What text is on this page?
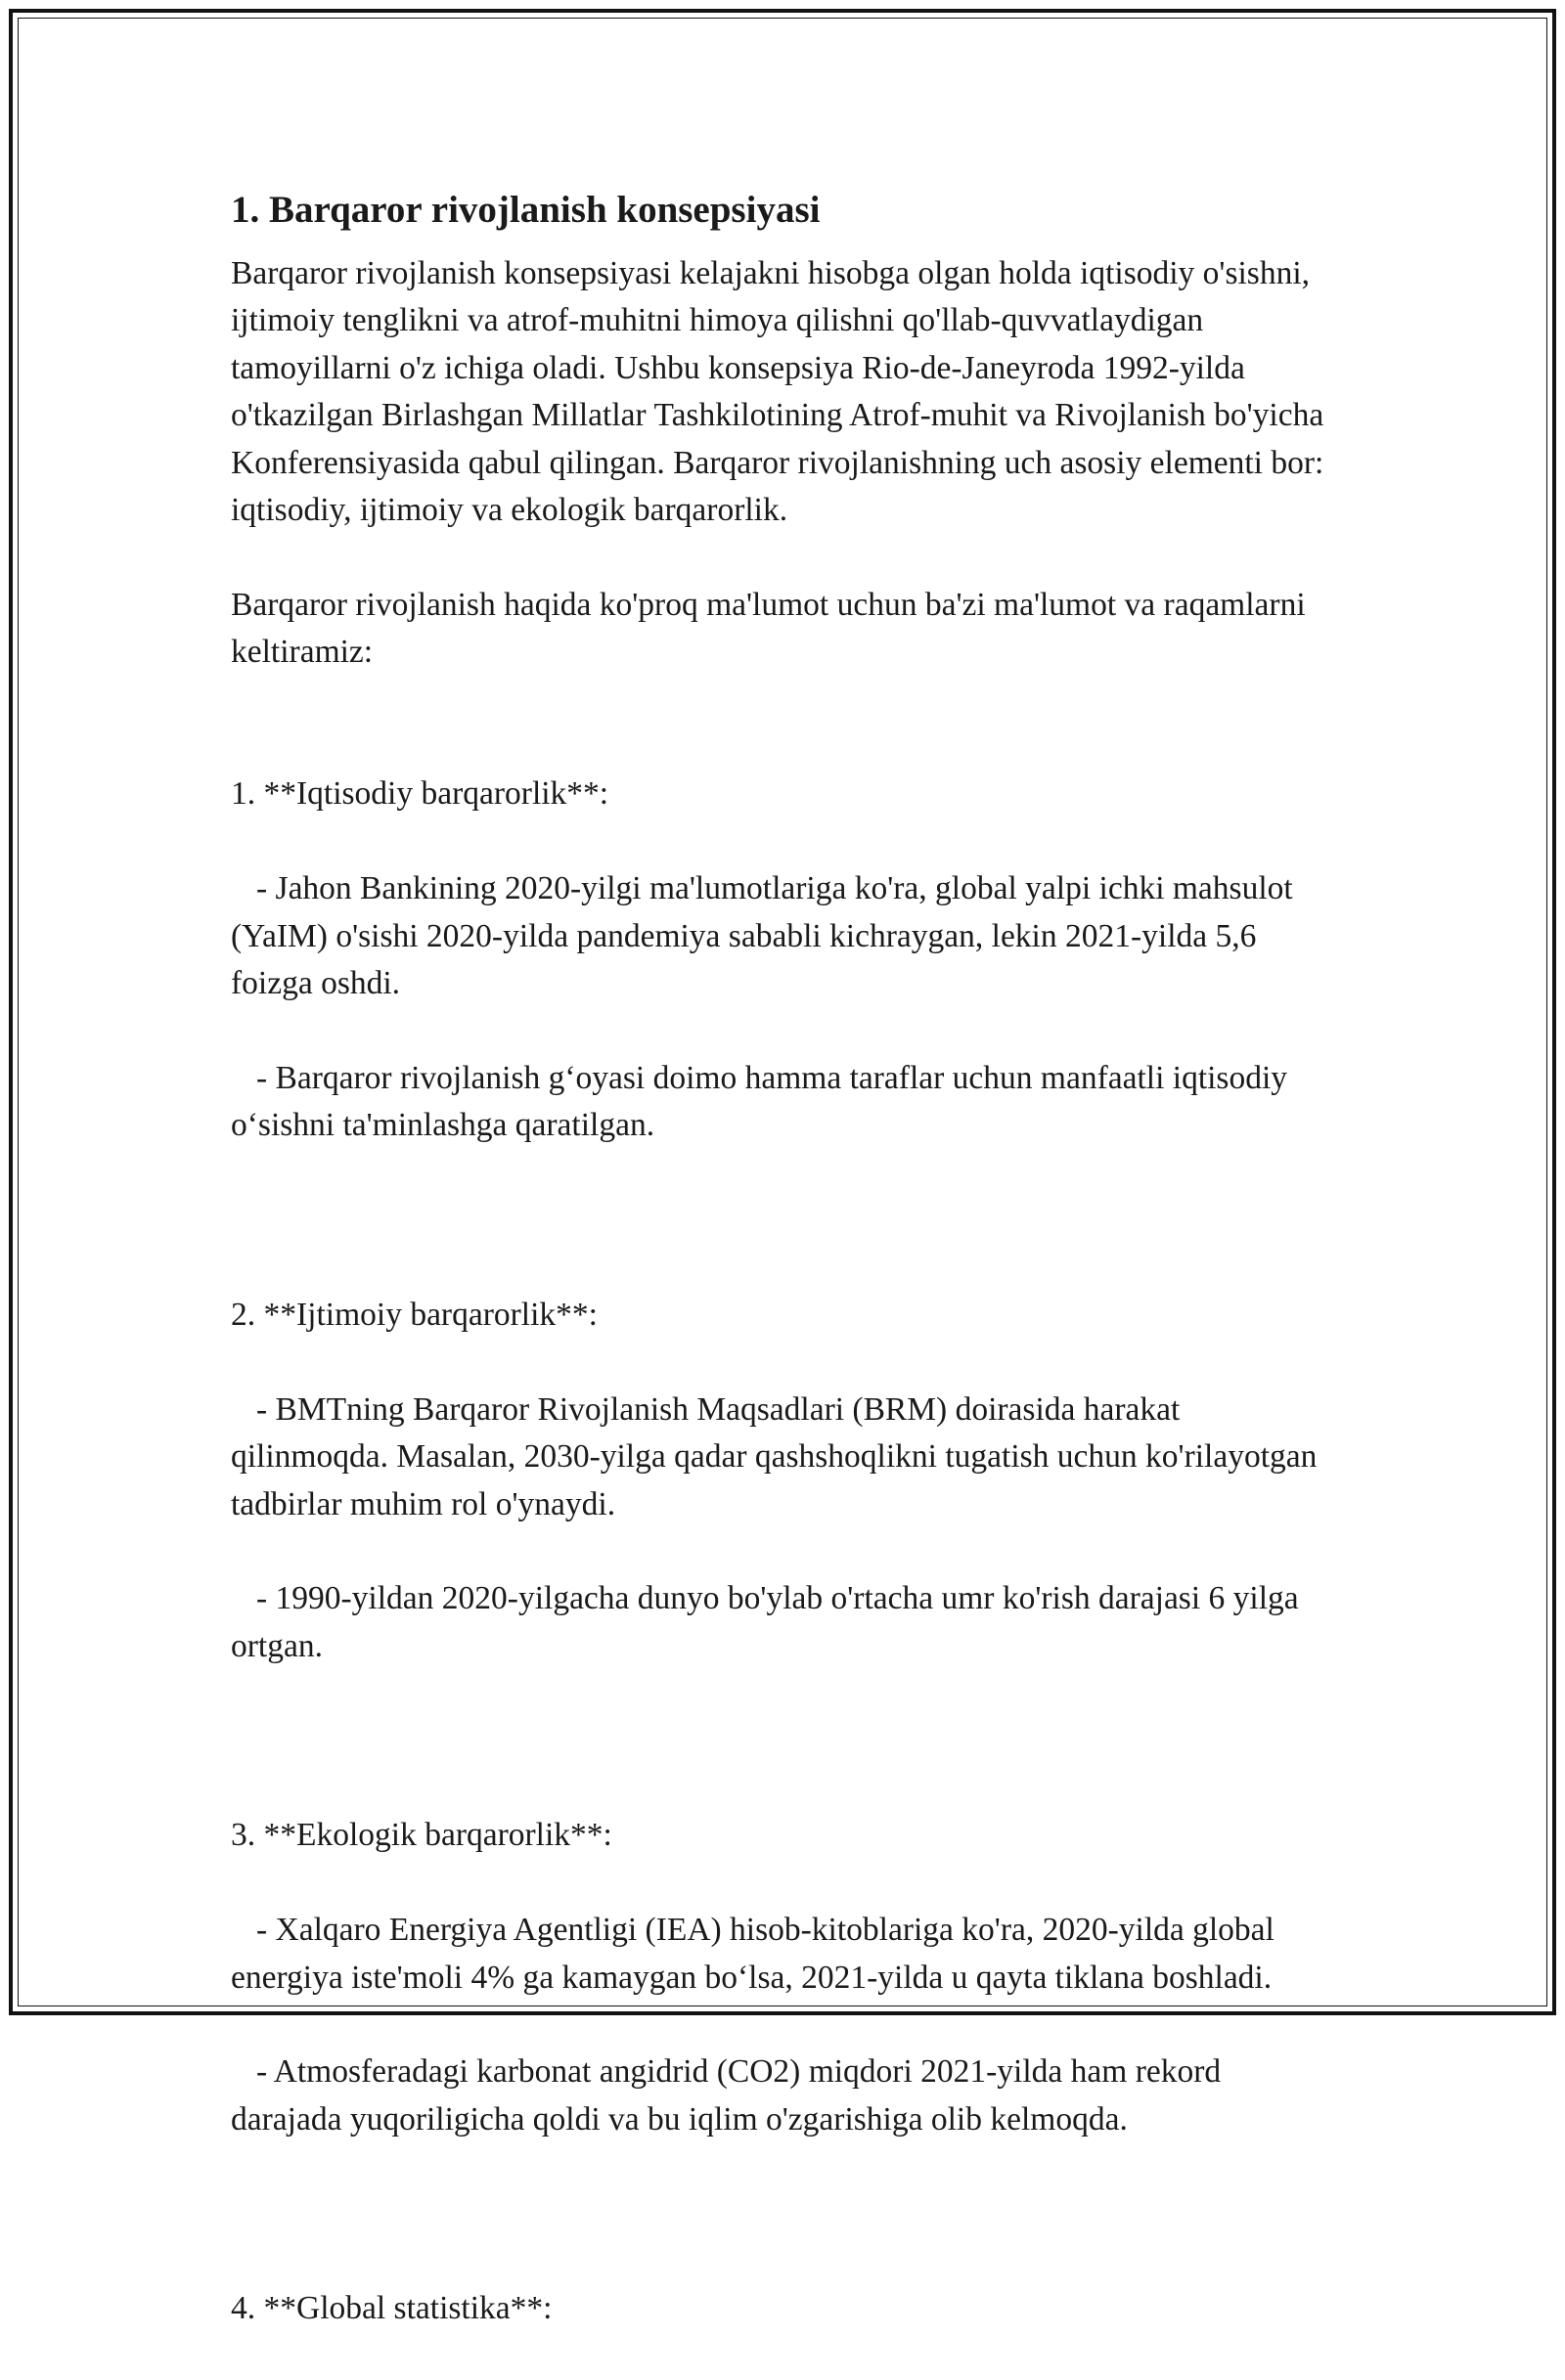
1. Barqaror rivojlanish konsepsiyasi

Barqaror rivojlanish konsepsiyasi kelajakni hisobga olgan holda iqtisodiy o'sishni, ijtimoiy tenglikni va atrof-muhitni himoya qilishni qo'llab-quvvatlaydigan tamoyillarni o'z ichiga oladi. Ushbu konsepsiya Rio-de-Janeyroda 1992-yilda o'tkazilgan Birlashgan Millatlar Tashkilotining Atrof-muhit va Rivojlanish bo'yicha Konferensiyasida qabul qilingan. Barqaror rivojlanishning uch asosiy elementi bor: iqtisodiy, ijtimoiy va ekologik barqarorlik.

Barqaror rivojlanish haqida ko'proq ma'lumot uchun ba'zi ma'lumot va raqamlarni keltiramiz:

1. **Iqtisodiy barqarorlik**:

- Jahon Bankining 2020-yilgi ma'lumotlariga ko'ra, global yalpi ichki mahsulot (YaIM) o'sishi 2020-yilda pandemiya sababli kichraygan, lekin 2021-yilda 5,6 foizga oshdi.

- Barqaror rivojlanish g‘oyasi doimo hamma taraflar uchun manfaatli iqtisodiy o‘sishni ta'minlashga qaratilgan.

2. **Ijtimoiy barqarorlik**:

- BMTning Barqaror Rivojlanish Maqsadlari (BRM) doirasida harakat qilinmoqda. Masalan, 2030-yilga qadar qashshoqlikni tugatish uchun ko'rilayotgan tadbirlar muhim rol o'ynaydi.

- 1990-yildan 2020-yilgacha dunyo bo'ylab o'rtacha umr ko'rish darajasi 6 yilga ortgan.

3. **Ekologik barqarorlik**:

- Xalqaro Energiya Agentligi (IEA) hisob-kitoblariga ko'ra, 2020-yilda global energiya iste'moli 4% ga kamaygan bo‘lsa, 2021-yilda u qayta tiklana boshladi.

- Atmosferadagi karbonat angidrid (CO2) miqdori 2021-yilda ham rekord darajada yuqoriligicha qoldi va bu iqlim o'zgarishiga olib kelmoqda.

4. **Global statistika**:
